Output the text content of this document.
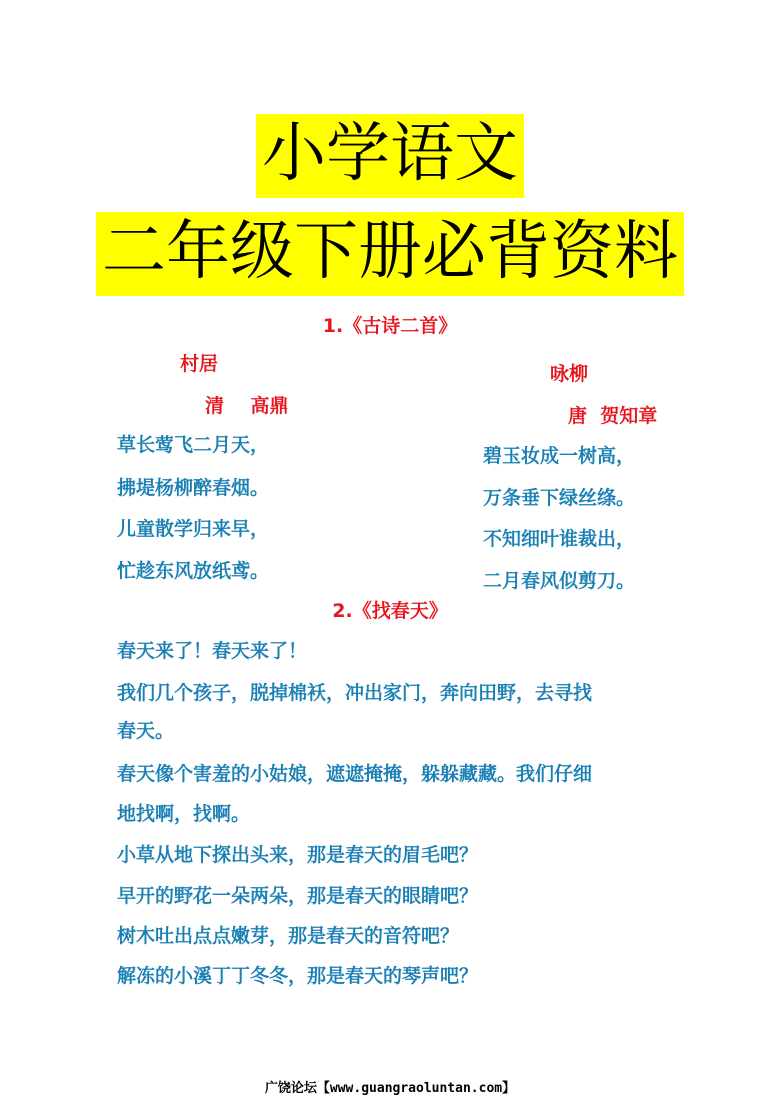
小学语文
二年级下册必背资料
1.《古诗二首》
村居
清    高鼎
草长莺飞二月天，
拂堤杨柳醉春烟。
儿童散学归来早，
忙趁东风放纸鸢。
咏柳
唐  贺知章
碧玉妆成一树高，
万条垂下绿丝绦。
不知细叶谁裁出，
二月春风似剪刀。
2.《找春天》
春天来了！春天来了！
我们几个孩子，脱掉棉袄，冲出家门，奔向田野，去寻找
春天。
春天像个害羞的小姑娘，遮遮掩掩，躲躲藏藏。我们仔细
地找啊，找啊。
小草从地下探出头来，那是春天的眉毛吧？
早开的野花一朵两朵，那是春天的眼睛吧？
树木吐出点点嫩芽，那是春天的音符吧？
解冻的小溪丁丁冬冬，那是春天的琴声吧？
广饶论坛【www.guangraoluntan.com】
